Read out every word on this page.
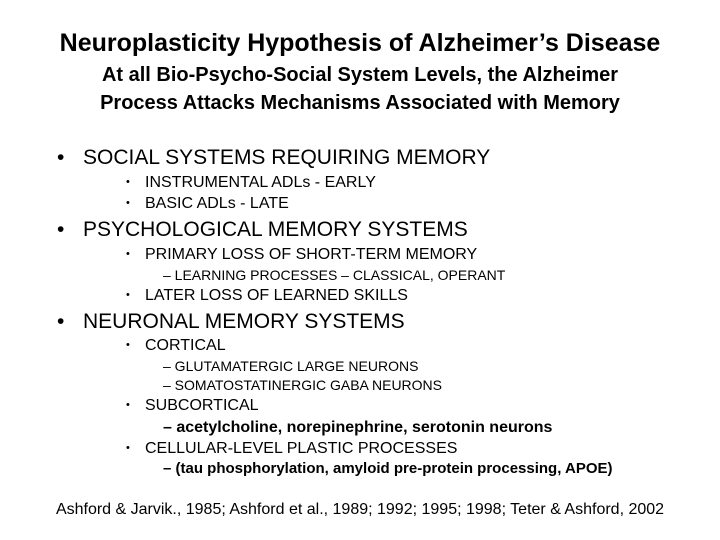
Neuroplasticity Hypothesis of Alzheimer’s Disease
At all Bio-Psycho-Social System Levels, the Alzheimer
Process Attacks Mechanisms Associated with Memory
• SOCIAL SYSTEMS REQUIRING MEMORY
• INSTRUMENTAL ADLs - EARLY
• BASIC ADLs - LATE
• PSYCHOLOGICAL MEMORY SYSTEMS
• PRIMARY LOSS OF SHORT-TERM MEMORY
– LEARNING PROCESSES – CLASSICAL, OPERANT
• LATER LOSS OF LEARNED SKILLS
• NEURONAL MEMORY SYSTEMS
• CORTICAL
– GLUTAMATERGIC LARGE NEURONS
– SOMATOSTATINERGIC GABA NEURONS
• SUBCORTICAL
– acetylcholine, norepinephrine, serotonin neurons
• CELLULAR-LEVEL PLASTIC PROCESSES
– (tau phosphorylation, amyloid pre-protein processing, APOE)
Ashford & Jarvik., 1985; Ashford et al., 1989; 1992; 1995; 1998; Teter & Ashford, 2002
